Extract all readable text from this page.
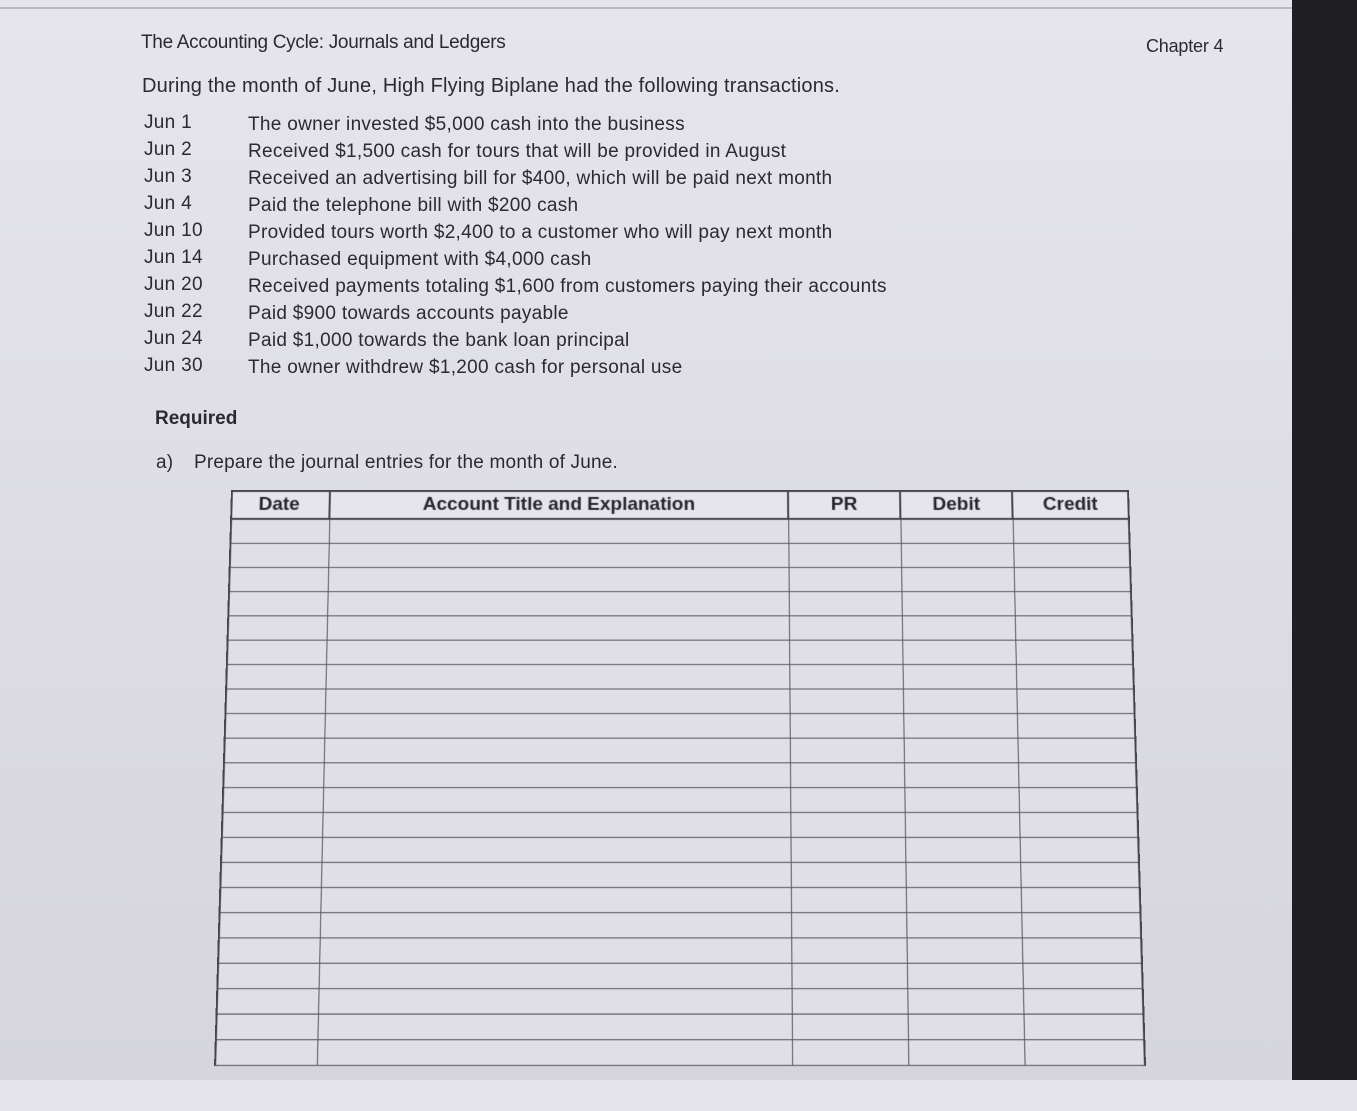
The Accounting Cycle: Journals and Ledgers	Chapter 4
During the month of June, High Flying Biplane had the following transactions.
Jun 1	The owner invested $5,000 cash into the business
Jun 2	Received $1,500 cash for tours that will be provided in August
Jun 3	Received an advertising bill for $400, which will be paid next month
Jun 4	Paid the telephone bill with $200 cash
Jun 10 Provided tours worth $2,400 to a customer who will pay next month
Jun 14 Purchased equipment with $4,000 cash
Jun 20 Received payments totaling $1,600 from customers paying their accounts
Jun 22 Paid $900 towards accounts payable
Jun 24 Paid $1,000 towards the bank loan principal
Jun 30 The owner withdrew $1,200 cash for personal use
Required
a) Prepare the journal entries for the month of June.
Date	Account Title and Explanation	PR	Debit	Credit
